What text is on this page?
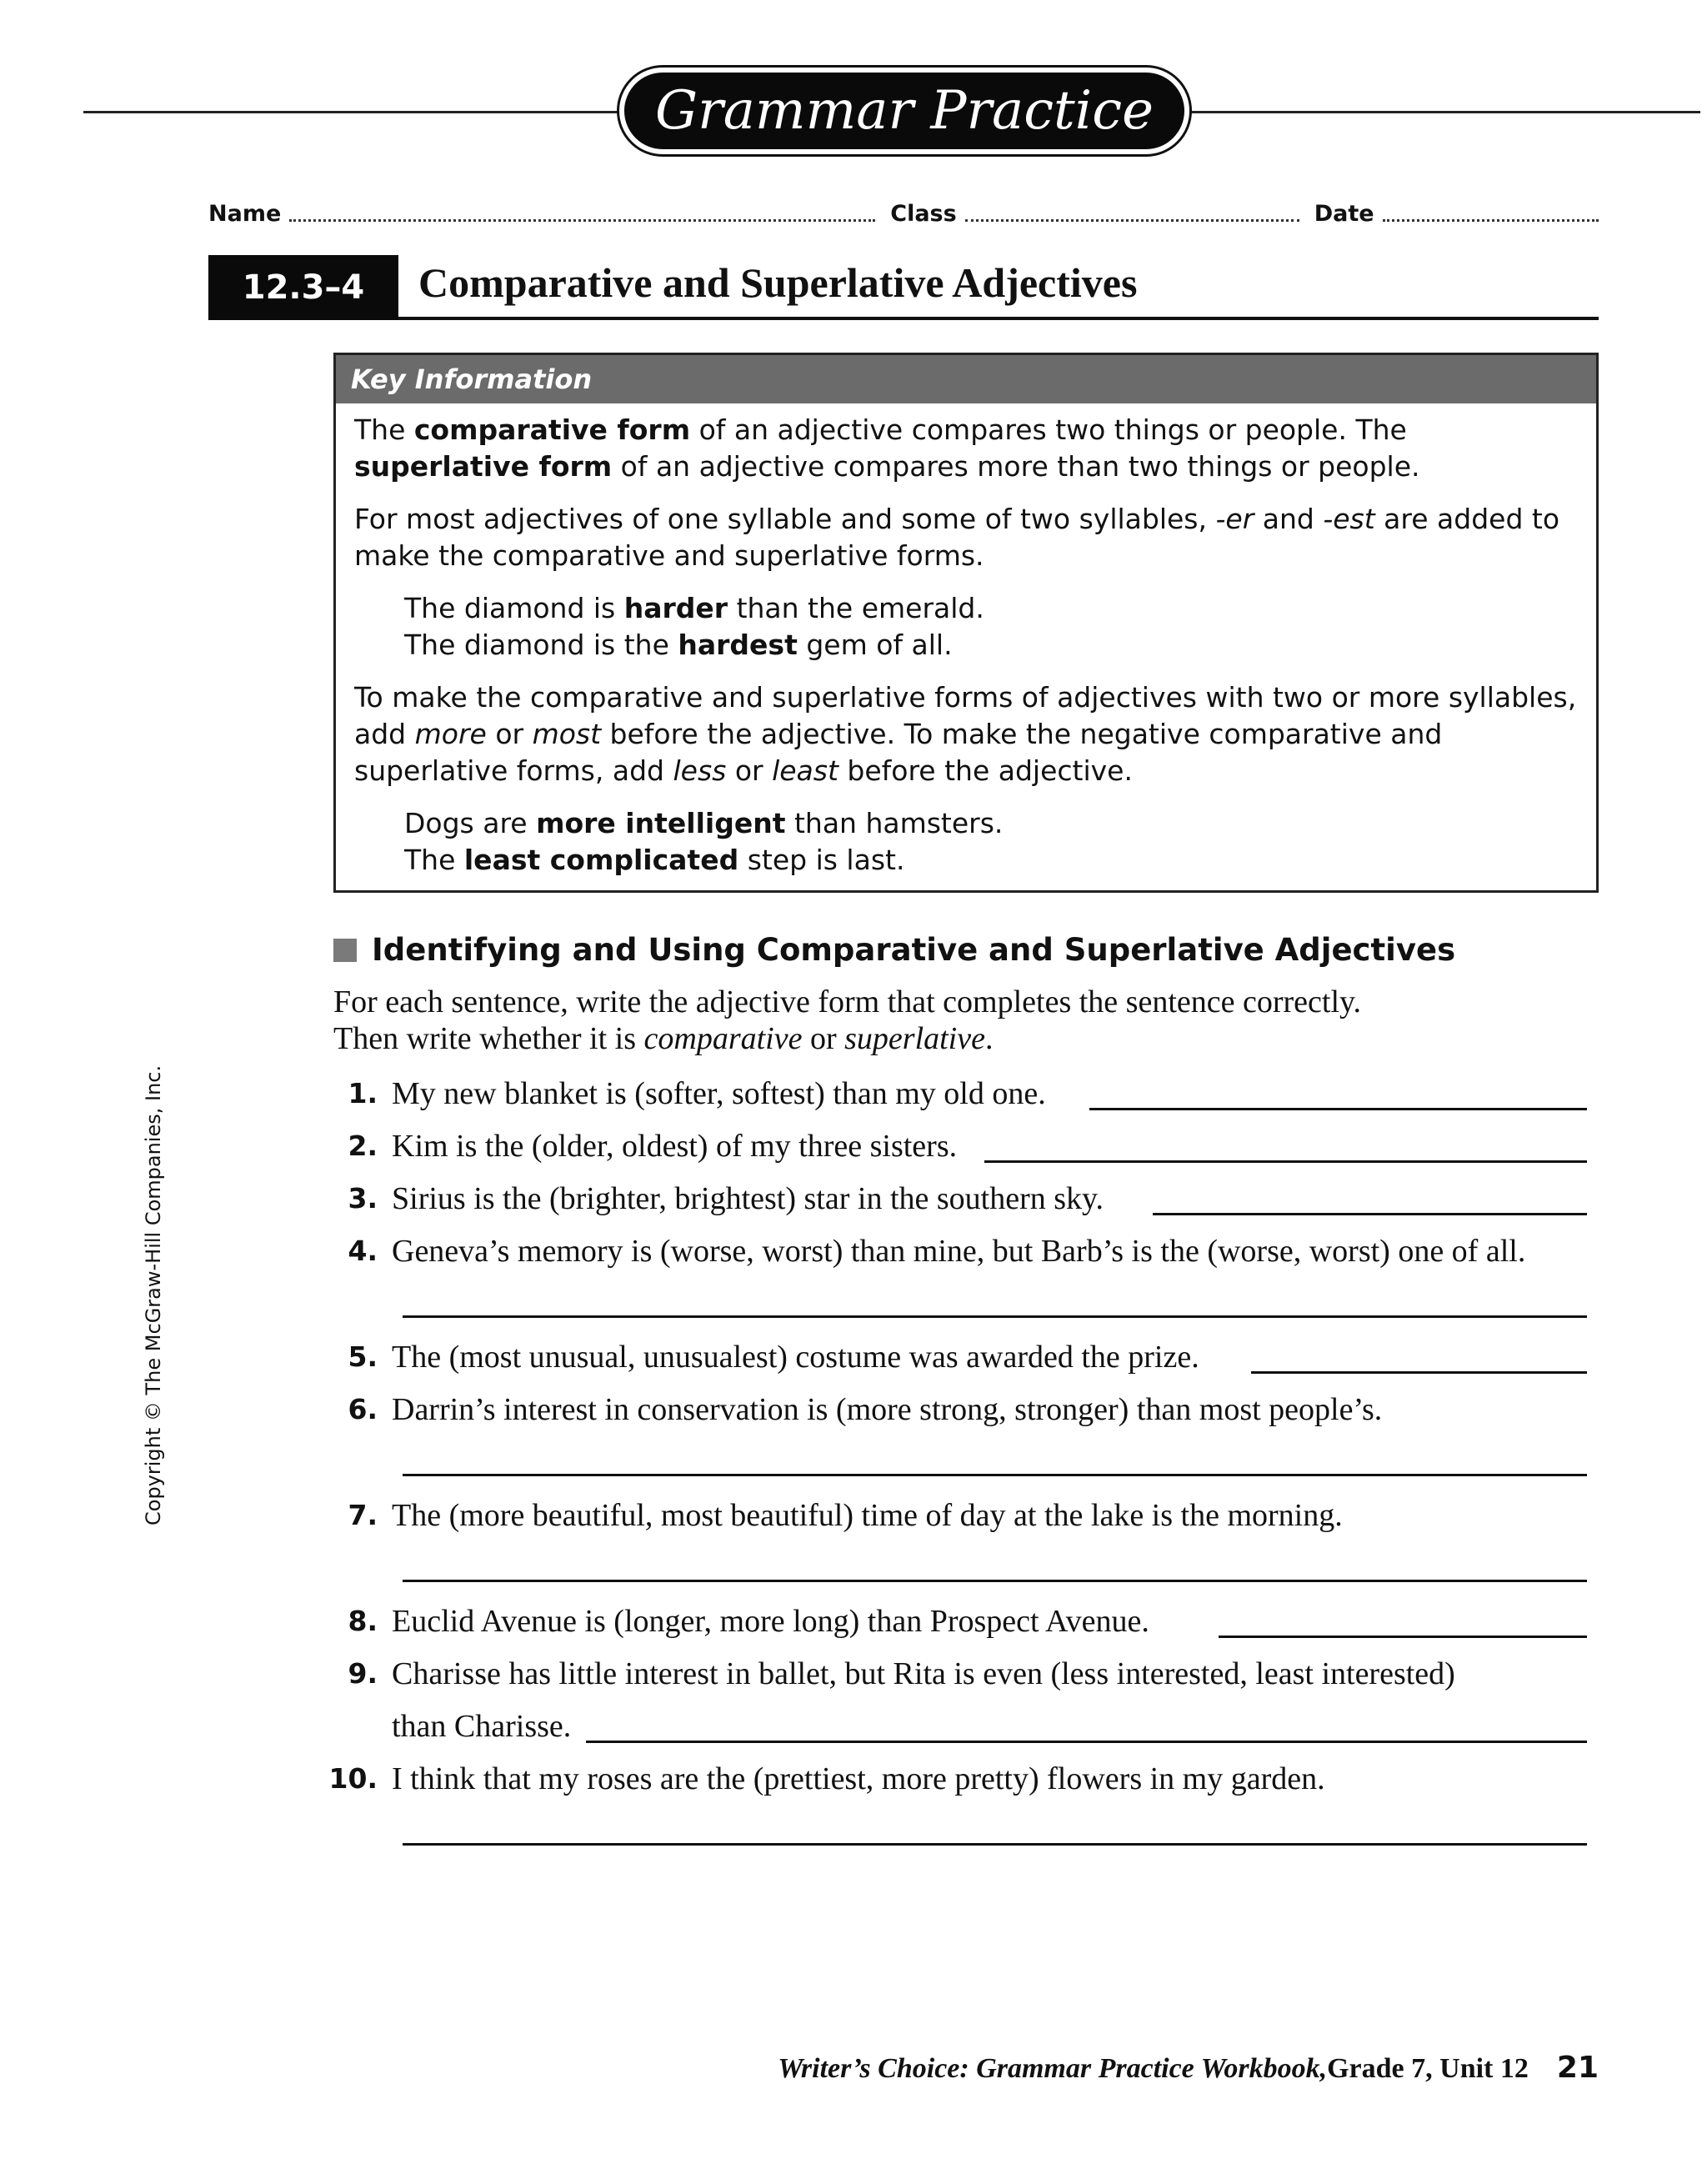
Grammar Practice
Name	Class	Date
12.3–4	Comparative and Superlative Adjectives
Key Information

The comparative form of an adjective compares two things or people. The superlative form of an adjective compares more than two things or people.

For most adjectives of one syllable and some of two syllables, -er and -est are added to make the comparative and superlative forms.

The diamond is harder than the emerald.
The diamond is the hardest gem of all.

To make the comparative and superlative forms of adjectives with two or more syllables, add more or most before the adjective. To make the negative comparative and superlative forms, add less or least before the adjective.

Dogs are more intelligent than hamsters.
The least complicated step is last.
Identifying and Using Comparative and Superlative Adjectives
For each sentence, write the adjective form that completes the sentence correctly.
Then write whether it is comparative or superlative.
1. My new blanket is (softer, softest) than my old one.
2. Kim is the (older, oldest) of my three sisters.
3. Sirius is the (brighter, brightest) star in the southern sky.
4. Geneva’s memory is (worse, worst) than mine, but Barb’s is the (worse, worst) one of all.
5. The (most unusual, unusualest) costume was awarded the prize.
6. Darrin’s interest in conservation is (more strong, stronger) than most people’s.
7. The (more beautiful, most beautiful) time of day at the lake is the morning.
8. Euclid Avenue is (longer, more long) than Prospect Avenue.
9. Charisse has little interest in ballet, but Rita is even (less interested, least interested)
than Charisse.
10. I think that my roses are the (prettiest, more pretty) flowers in my garden.
Copyright © The McGraw-Hill Companies, Inc.
Writer’s Choice: Grammar Practice Workbook, Grade 7, Unit 12 21
